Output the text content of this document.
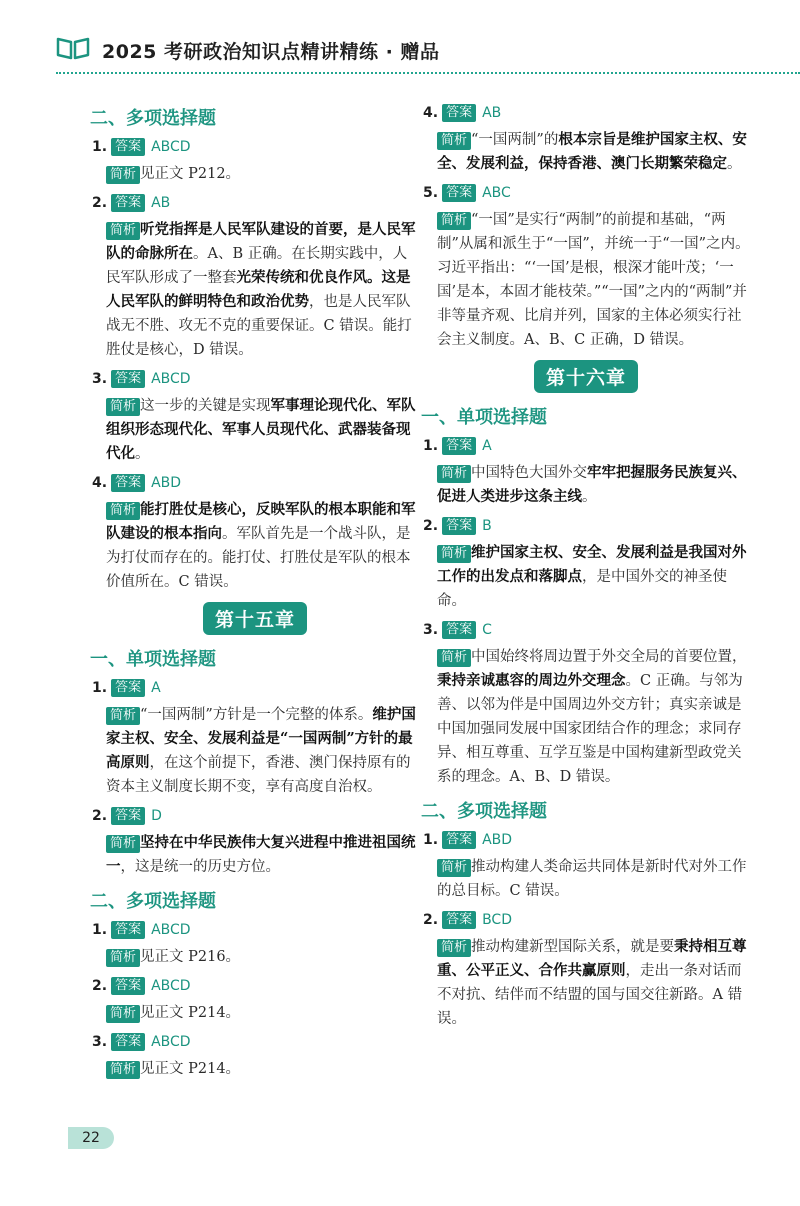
2025 考研政治知识点精讲精练 · 赠品
二、多项选择题
1. 答案 ABCD
简析 见正文 P212。
2. 答案 AB
简析 听党指挥是人民军队建设的首要，是人民军队的命脉所在。A、B 正确。在长期实践中，人民军队形成了一整套光荣传统和优良作风。这是人民军队的鲜明特色和政治优势，也是人民军队战无不胜、攻无不克的重要保证。C 错误。能打胜仗是核心，D 错误。
3. 答案 ABCD
简析 这一步的关键是实现军事理论现代化、军队组织形态现代化、军事人员现代化、武器装备现代化。
4. 答案 ABD
简析 能打胜仗是核心，反映军队的根本职能和军队建设的根本指向。军队首先是一个战斗队，是为打仗而存在的。能打仗、打胜仗是军队的根本价值所在。C 错误。
第十五章
一、单项选择题
1. 答案 A
简析 “一国两制”方针是一个完整的体系。维护国家主权、安全、发展利益是“一国两制”方针的最高原则，在这个前提下，香港、澳门保持原有的资本主义制度长期不变，享有高度自治权。
2. 答案 D
简析 坚持在中华民族伟大复兴进程中推进祖国统一，这是统一的历史方位。
二、多项选择题
1. 答案 ABCD
简析 见正文 P216。
2. 答案 ABCD
简析 见正文 P214。
3. 答案 ABCD
简析 见正文 P214。
4. 答案 AB
简析 “一国两制”的根本宗旨是维护国家主权、安全、发展利益，保持香港、澳门长期繁荣稳定。
5. 答案 ABC
简析 “一国”是实行“两制”的前提和基础，“两制”从属和派生于“一国”，并统一于“一国”之内。习近平指出：“‘一国’是根，根深才能叶茂；‘一国’是本，本固才能枝荣。”“一国”之内的“两制”并非等量齐观、比肩并列，国家的主体必须实行社会主义制度。A、B、C 正确，D 错误。
第十六章
一、单项选择题
1. 答案 A
简析 中国特色大国外交牢牢把握服务民族复兴、促进人类进步这条主线。
2. 答案 B
简析 维护国家主权、安全、发展利益是我国对外工作的出发点和落脚点，是中国外交的神圣使命。
3. 答案 C
简析 中国始终将周边置于外交全局的首要位置，秉持亲诚惠容的周边外交理念。C 正确。与邻为善、以邻为伴是中国周边外交方针；真实亲诚是中国加强同发展中国家团结合作的理念；求同存异、相互尊重、互学互鉴是中国构建新型政党关系的理念。A、B、D 错误。
二、多项选择题
1. 答案 ABD
简析 推动构建人类命运共同体是新时代对外工作的总目标。C 错误。
2. 答案 BCD
简析 推动构建新型国际关系，就是要秉持相互尊重、公平正义、合作共赢原则，走出一条对话而不对抗、结伴而不结盟的国与国交往新路。A 错误。
22
